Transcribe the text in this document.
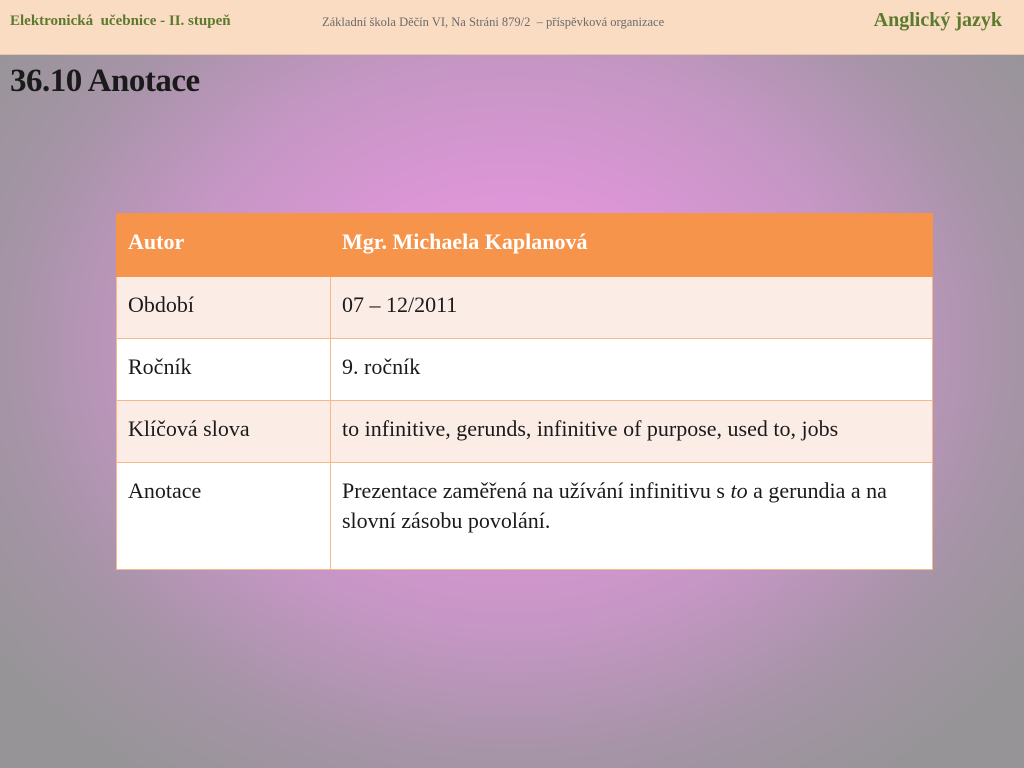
Elektronická  učebnice - II. stupeň	Základní škola Děčín VI, Na Stráni 879/2  – příspěvková organizace	Anglický jazyk
36.10 Anotace
Autor	Mgr. Michaela Kaplanová
Období	07 – 12/2011
Ročník	9. ročník
Klíčová slova	to infinitive, gerunds, infinitive of purpose, used to, jobs
Anotace	Prezentace zaměřená na užívání infinitivu s to a gerundia a na slovní zásobu povolání.
